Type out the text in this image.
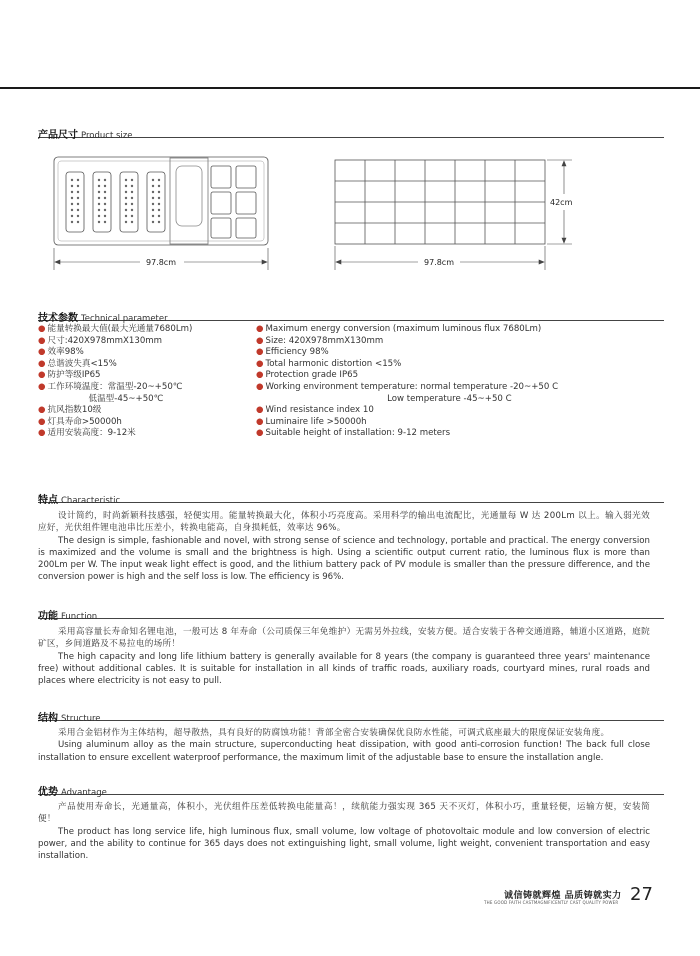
产品尺寸 Product size
97.8cm
42cm
97.8cm
技术参数 Technical parameter
● 能量转换最大值(最大光通量7680Lm)
● 尺寸:420X978mmX130mm
● 效率98%
● 总谐波失真<15%
● 防护等级ⅠP65
● 工作环境温度：常温型-20~+50℃
低温型-45~+50℃
● 抗风指数10级
● 灯具寿命>50000h
● 适用安装高度：9-12米
● Maximum energy conversion (maximum luminous flux 7680Lm)
● Size: 420X978mmX130mm
● Efficiency 98%
● Total harmonic distortion <15%
● Protection grade ⅠP65
● Working environment temperature: normal temperature -20~+50 C
Low temperature -45~+50 C
● Wind resistance index 10
● Luminaire life >50000h
● Suitable height of installation: 9-12 meters
特点 Characteristic

设计简约，时尚新颖科技感强，轻便实用。能量转换最大化，体积小巧亮度高。采用科学的输出电流配比，光通量每 W 达 200Lm 以上。输入弱光效应好，光伏组件锂电池串比压差小，转换电能高，自身损耗低，效率达 96%。

The design is simple, fashionable and novel, with strong sense of science and technology, portable and practical. The energy conversion is maximized and the volume is small and the brightness is high. Using a scientific output current ratio, the luminous flux is more than 200Lm per W. The input weak light effect is good, and the lithium battery pack of PV module is smaller than the pressure difference, and the conversion power is high and the self loss is low. The efficiency is 96%.

功能 Function

采用高容量长寿命知名锂电池，一般可达 8 年寿命（公司质保三年免维护）无需另外拉线，安装方便。适合安装于各种交通道路，辅道小区道路，庭院矿区，乡间道路及不易拉电的场所！

The high capacity and long life lithium battery is generally available for 8 years (the company is guaranteed three years' maintenance free) without additional cables. It is suitable for installation in all kinds of traffic roads, auxiliary roads, courtyard mines, rural roads and places where electricity is not easy to pull.

结构 Structure

采用合金铝材作为主体结构，超导散热，具有良好的防腐蚀功能！背部全密合安装确保优良防水性能，可调式底座最大的限度保证安装角度。

Using aluminum alloy as the main structure, superconducting heat dissipation, with good anti-corrosion function! The back full close installation to ensure excellent waterproof performance, the maximum limit of the adjustable base to ensure the installation angle.

优势 Advantage

产品使用寿命长，光通量高，体积小，光伏组件压差低转换电能量高！，续航能力强实现 365 天不灭灯，体积小巧，重量轻便，运输方便，安装简便！

The product has long service life, high luminous flux, small volume, low voltage of photovoltaic module and low conversion of electric power, and the ability to continue for 365 days does not extinguishing light, small volume, light weight, convenient transportation and easy installation.

诚信铸就辉煌 品质铸就实力
THE GOOD FAITH CASTMAGNIFICENTLY CAST QUALITY POWER 27
